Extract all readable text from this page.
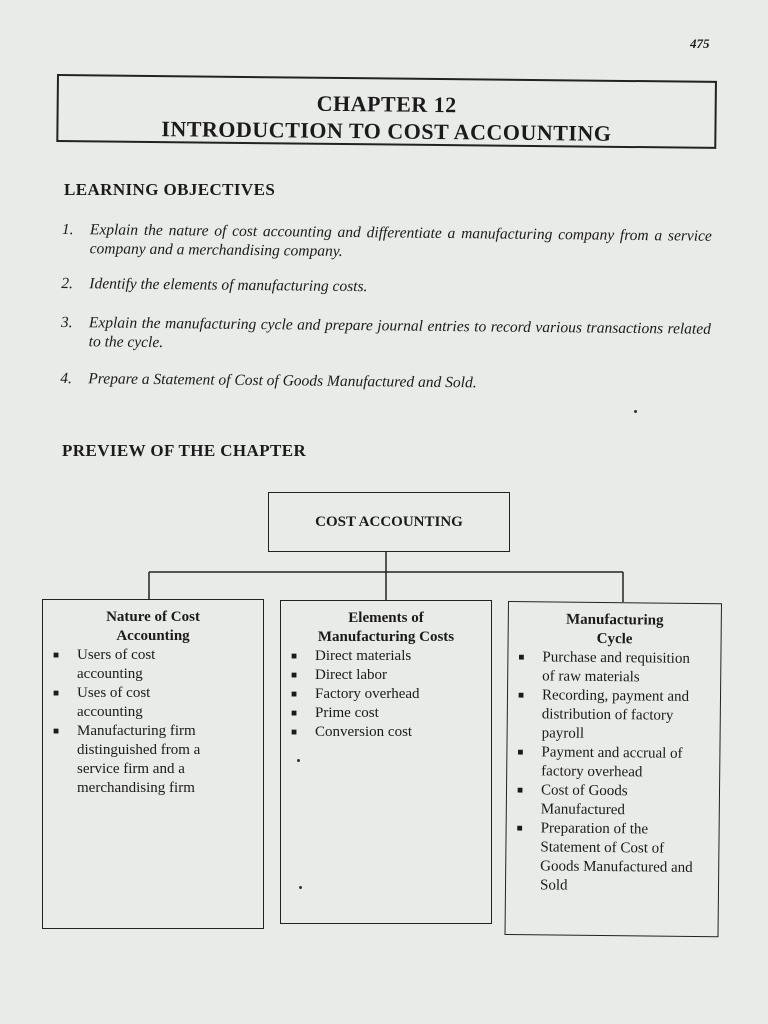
475
CHAPTER 12
INTRODUCTION TO COST ACCOUNTING
LEARNING OBJECTIVES
1.	Explain the nature of cost accounting and differentiate a manufacturing company from a service company and a merchandising company.
2.	Identify the elements of manufacturing costs.
3.	Explain the manufacturing cycle and prepare journal entries to record various transactions related to the cycle.
4.	Prepare a Statement of Cost of Goods Manufactured and Sold.
PREVIEW OF THE CHAPTER
COST ACCOUNTING
Nature of Cost Accounting
■	Users of cost accounting
■	Uses of cost accounting
■	Manufacturing firm distinguished from a service firm and a merchandising firm
Elements of Manufacturing Costs
■	Direct materials
■	Direct labor
■	Factory overhead
■	Prime cost
■	Conversion cost
Manufacturing Cycle
■	Purchase and requisition of raw materials
■	Recording, payment and distribution of factory payroll
■	Payment and accrual of factory overhead
■	Cost of Goods Manufactured
■	Preparation of the Statement of Cost of Goods Manufactured and Sold
